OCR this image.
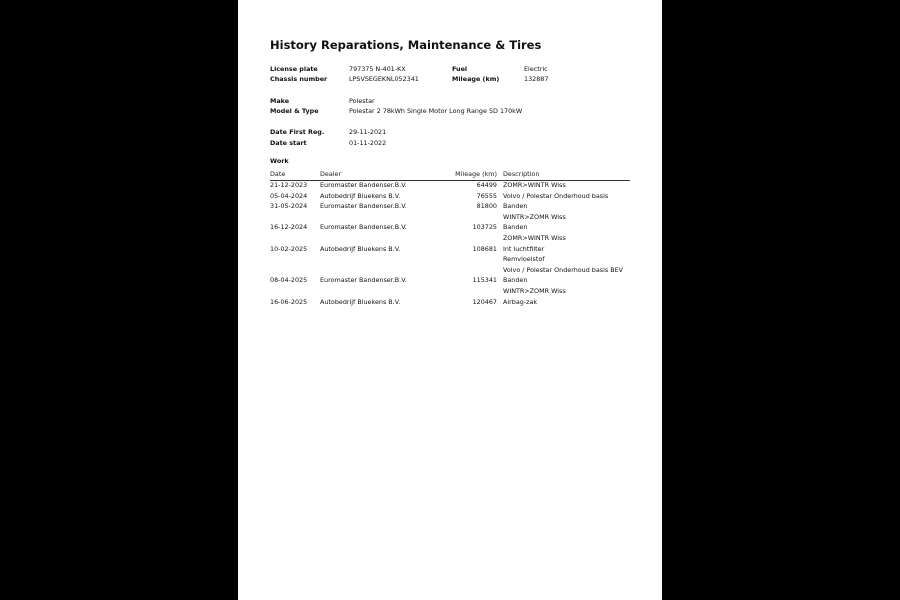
History Reparations, Maintenance & Tires
License plate	797375 N-401-KX	Fuel	Electric
Chassis number	LPSVSEGEKNL052341	Mileage (km)	132887
Make	Polestar
Model & Type	Polestar 2 78kWh Single Motor Long Range 5D 170kW
Date First Reg.	29-11-2021
Date start	01-11-2022
Work
Date	Dealer	Mileage (km) Description
21-12-2023 Euromaster Bandenser.B.V.	64499 ZOMR>WINTR Wiss
05-04-2024 Autobedrijf Bluekens B.V.	76555 Volvo / Polestar Onderhoud basis
31-05-2024 Euromaster Bandenser.B.V.	81800 Banden
WINTR>ZOMR Wiss
16-12-2024 Euromaster Bandenser.B.V.	103725 Banden
ZOMR>WINTR Wiss
10-02-2025 Autobedrijf Bluekens B.V.	108681 Int luchtfilter
Remvloeistof
Volvo / Polestar Onderhoud basis BEV
08-04-2025 Euromaster Bandenser.B.V.	115341 Banden
WINTR>ZOMR Wiss
16-06-2025 Autobedrijf Bluekens B.V.	120467 Airbag-zak
